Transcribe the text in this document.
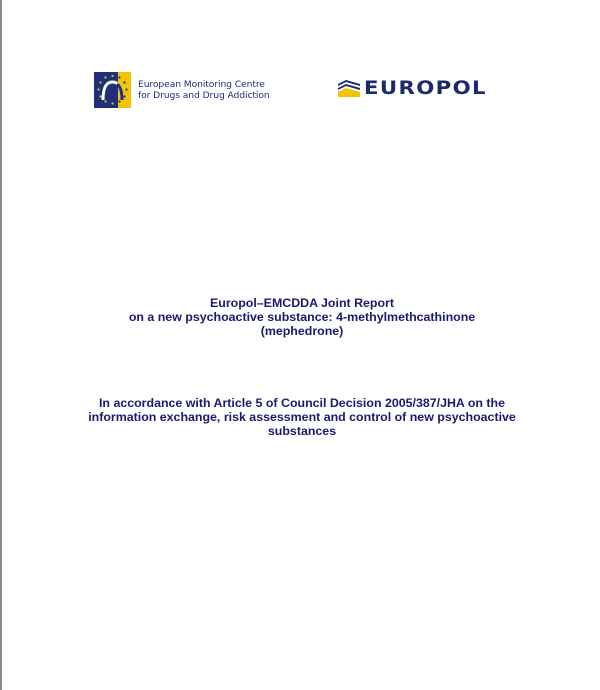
European Monitoring Centre
for Drugs and Drug Addiction	EUROPOL
Europol–EMCDDA Joint Report
on a new psychoactive substance: 4-methylmethcathinone
(mephedrone)
In accordance with Article 5 of Council Decision 2005/387/JHA on the
information exchange, risk assessment and control of new psychoactive
substances
